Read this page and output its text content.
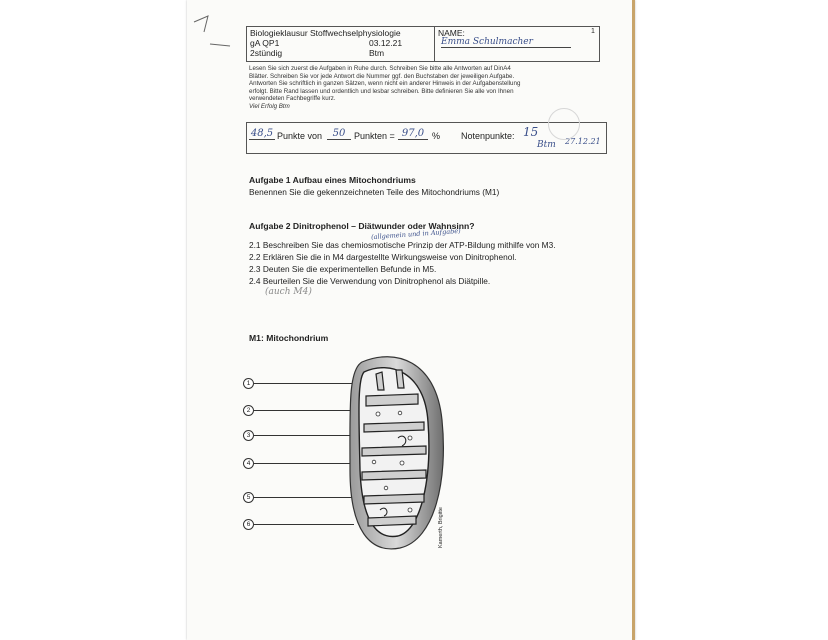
Biologieklausur Stoffwechselphysiologie
gA QP1
2stündig
03.12.21
Btm
NAME:
Emma Schulmacher
1
Lesen Sie sich zuerst die Aufgaben in Ruhe durch. Schreiben Sie bitte alle Antworten auf DinA4
Blätter. Schreiben Sie vor jede Antwort die Nummer ggf. den Buchstaben der jeweiligen Aufgabe.
Antworten Sie schriftlich in ganzen Sätzen, wenn nicht ein anderer Hinweis in der Aufgabenstellung
erfolgt. Bitte Rand lassen und ordentlich und lesbar schreiben. Bitte definieren Sie alle von Ihnen
verwendeten Fachbegriffe kurz.
Viel Erfolg Btm
48,5 Punkte von	50 Punkten = 97,0 % Notenpunkte: 15
Btm 27.12.21
Aufgabe 1 Aufbau eines Mitochondriums
Benennen Sie die gekennzeichneten Teile des Mitochondriums (M1)
Aufgabe 2 Dinitrophenol – Diätwunder oder Wahnsinn?
(allgemein und in Aufgabe)
2.1 Beschreiben Sie das chemiosmotische Prinzip der ATP-Bildung mithilfe von M3.
2.2 Erklären Sie die in M4 dargestellte Wirkungsweise von Dinitrophenol.
2.3 Deuten Sie die experimentellen Befunde in M5.
2.4 Beurteilen Sie die Verwendung von Dinitrophenol als Diätpille.
(auch M4)
M1: Mitochondrium
1
2
3
4
5
6	Kamerth, Brigitte
